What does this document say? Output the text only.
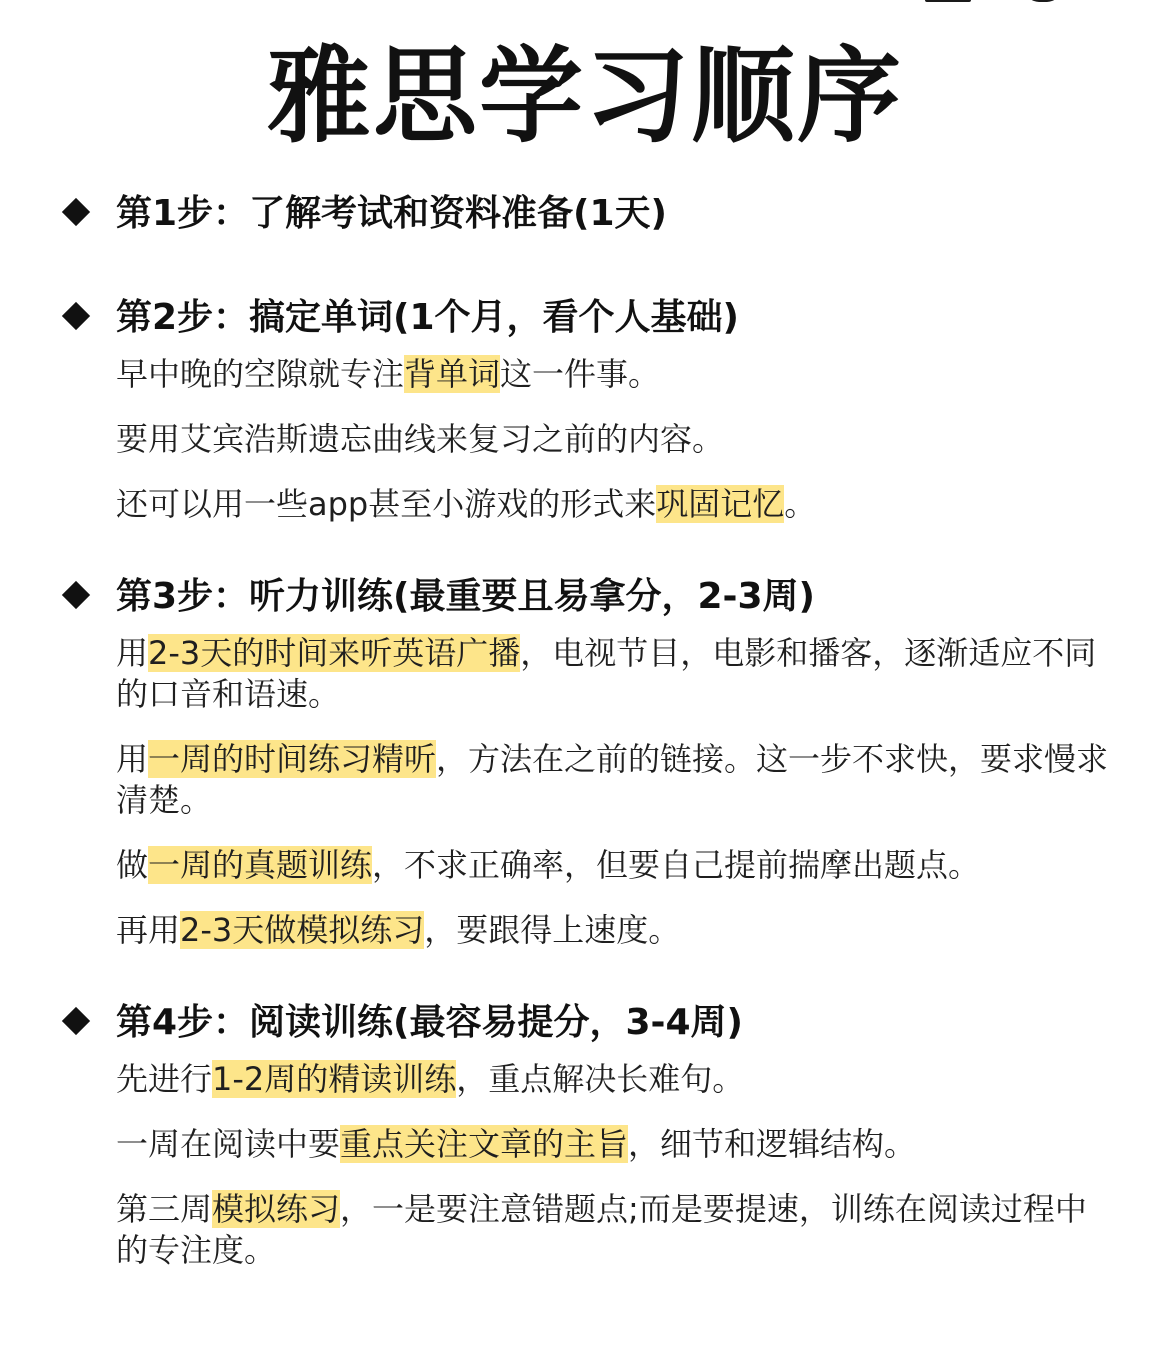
雅思学习顺序
第1步：了解考试和资料准备(1天)
第2步：搞定单词(1个月，看个人基础)

早中晚的空隙就专注背单词这一件事。

要用艾宾浩斯遗忘曲线来复习之前的内容。

还可以用一些app甚至小游戏的形式来巩固记忆。

第3步：听力训练(最重要且易拿分，2-3周)

用2-3天的时间来听英语广播，电视节目，电影和播客，逐渐适应不同的口音和语速。

用一周的时间练习精听，方法在之前的链接。这一步不求快，要求慢求清楚。

做一周的真题训练，不求正确率，但要自己提前揣摩出题点。

再用2-3天做模拟练习，要跟得上速度。

第4步：阅读训练(最容易提分，3-4周)

先进行1-2周的精读训练，重点解决长难句。

一周在阅读中要重点关注文章的主旨，细节和逻辑结构。

第三周模拟练习，一是要注意错题点;而是要提速，训练在阅读过程中的专注度。
